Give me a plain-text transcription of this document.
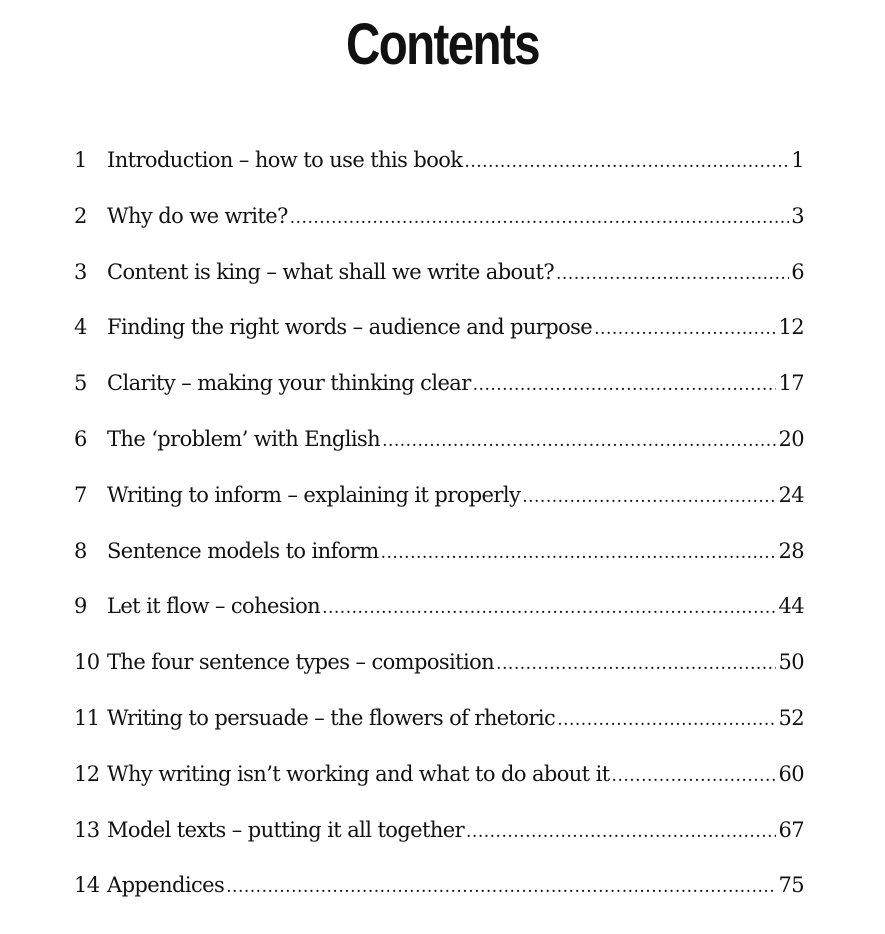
Contents
1 Introduction – how to use this book .....	1
2 Why do we write? .....	3
3 Content is king – what shall we write about? .....	6
4 Finding the right words – audience and purpose .....	12
5 Clarity – making your thinking clear .....	17
6 The ‘problem’ with English .....	20
7 Writing to inform – explaining it properly .....	24
8 Sentence models to inform .....	28
9 Let it flow – cohesion .....	44
10 The four sentence types – composition .....	50
11 Writing to persuade – the flowers of rhetoric .....	52
12 Why writing isn’t working and what to do about it .....	60
13 Model texts – putting it all together .....	67
14 Appendices .....	75
